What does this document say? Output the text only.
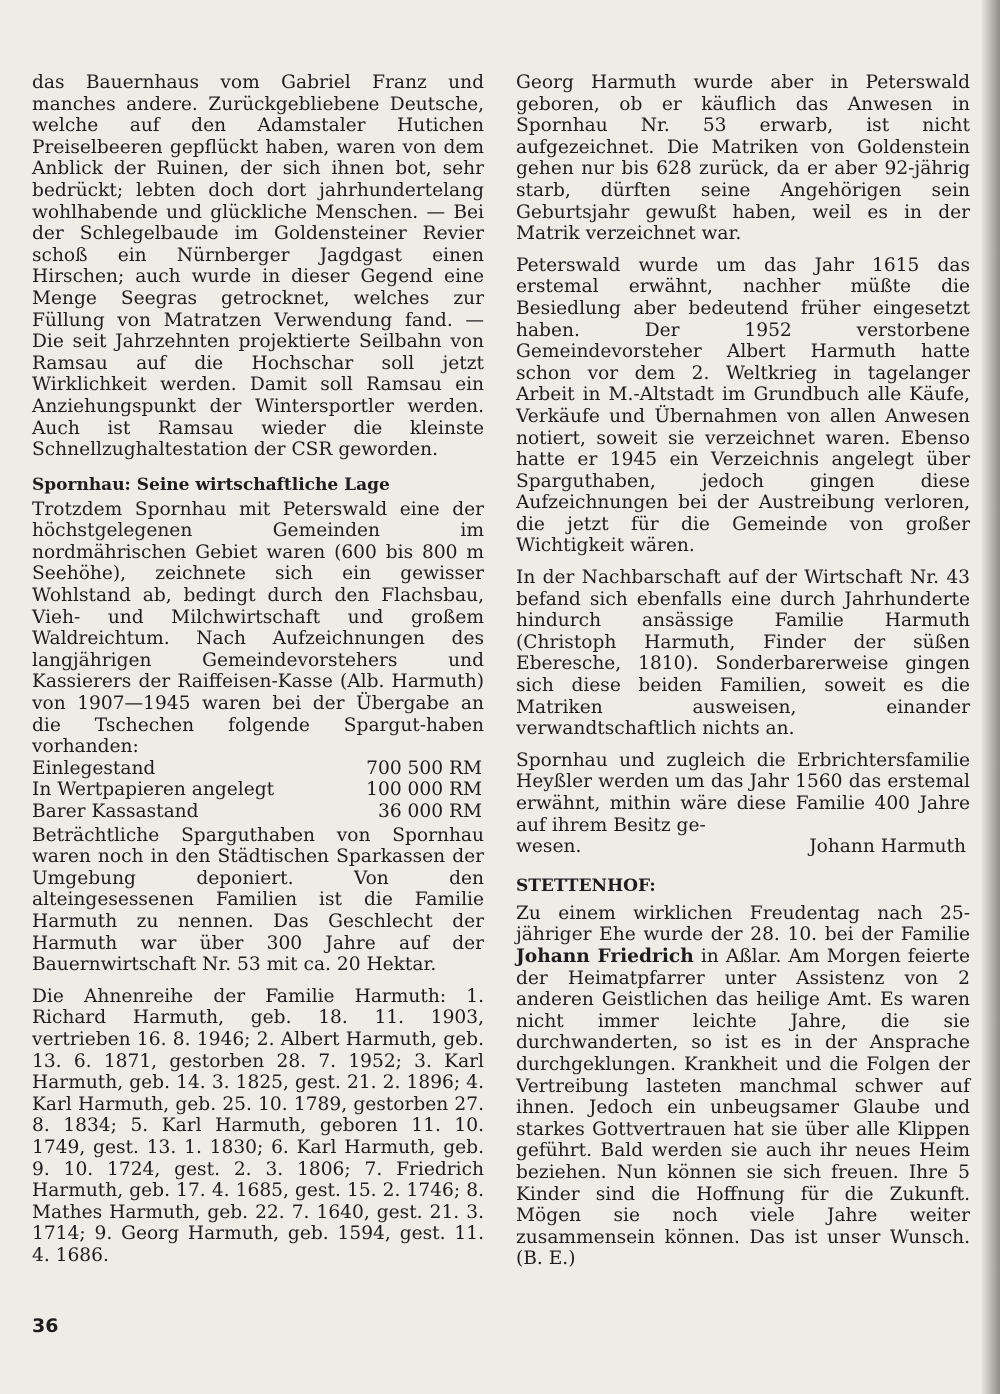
das Bauernhaus vom Gabriel Franz und manches andere. Zurückgebliebene Deutsche, welche auf den Adamstaler Hutichen Preiselbeeren gepflückt haben, waren von dem Anblick der Ruinen, der sich ihnen bot, sehr bedrückt; lebten doch dort jahrhundertelang wohlhabende und glückliche Menschen. — Bei der Schlegelbaude im Goldensteiner Revier schoß ein Nürnberger Jagdgast einen Hirschen; auch wurde in dieser Gegend eine Menge Seegras getrocknet, welches zur Füllung von Matratzen Verwendung fand. — Die seit Jahrzehnten projektierte Seilbahn von Ramsau auf die Hochschar soll jetzt Wirklichkeit werden. Damit soll Ramsau ein Anziehungspunkt der Wintersportler werden. Auch ist Ramsau wieder die kleinste Schnellzughaltestation der CSR geworden.

Spornhau: Seine wirtschaftliche Lage

Trotzdem Spornhau mit Peterswald eine der höchstgelegenen Gemeinden im nordmährischen Gebiet waren (600 bis 800 m Seehöhe), zeichnete sich ein gewisser Wohlstand ab, bedingt durch den Flachsbau, Vieh- und Milchwirtschaft und großem Waldreichtum. Nach Aufzeichnungen des langjährigen Gemeindevorstehers und Kassierers der Raiffeisen-Kasse (Alb. Harmuth) von 1907—1945 waren bei der Übergabe an die Tschechen folgende Spargut-haben vorhanden:

Einlegestand	700 500 RM
In Wertpapieren angelegt	100 000 RM
Barer Kassastand	36 000 RM

Beträchtliche Sparguthaben von Spornhau waren noch in den Städtischen Sparkassen der Umgebung deponiert. Von den alteingesessenen Familien ist die Familie Harmuth zu nennen. Das Geschlecht der Harmuth war über 300 Jahre auf der Bauernwirtschaft Nr. 53 mit ca. 20 Hektar.

Die Ahnenreihe der Familie Harmuth: 1. Richard Harmuth, geb. 18. 11. 1903, vertrieben 16. 8. 1946; 2. Albert Harmuth, geb. 13. 6. 1871, gestorben 28. 7. 1952; 3. Karl Harmuth, geb. 14. 3. 1825, gest. 21. 2. 1896; 4. Karl Harmuth, geb. 25. 10. 1789, gestorben 27. 8. 1834; 5. Karl Harmuth, geboren 11. 10. 1749, gest. 13. 1. 1830; 6. Karl Harmuth, geb. 9. 10. 1724, gest. 2. 3. 1806; 7. Friedrich Harmuth, geb. 17. 4. 1685, gest. 15. 2. 1746; 8. Mathes Harmuth, geb. 22. 7. 1640, gest. 21. 3. 1714; 9. Georg Harmuth, geb. 1594, gest. 11. 4. 1686.

Georg Harmuth wurde aber in Peterswald geboren, ob er käuflich das Anwesen in Spornhau Nr. 53 erwarb, ist nicht aufgezeichnet. Die Matriken von Goldenstein gehen nur bis 628 zurück, da er aber 92-jährig starb, dürften seine Angehörigen sein Geburtsjahr gewußt haben, weil es in der Matrik verzeichnet war.

Peterswald wurde um das Jahr 1615 das erstemal erwähnt, nachher müßte die Besiedlung aber bedeutend früher eingesetzt haben. Der 1952 verstorbene Gemeindevorsteher Albert Harmuth hatte schon vor dem 2. Weltkrieg in tagelanger Arbeit in M.-Altstadt im Grundbuch alle Käufe, Verkäufe und Übernahmen von allen Anwesen notiert, soweit sie verzeichnet waren. Ebenso hatte er 1945 ein Verzeichnis angelegt über Sparguthaben, jedoch gingen diese Aufzeichnungen bei der Austreibung verloren, die jetzt für die Gemeinde von großer Wichtigkeit wären.

In der Nachbarschaft auf der Wirtschaft Nr. 43 befand sich ebenfalls eine durch Jahrhunderte hindurch ansässige Familie Harmuth (Christoph Harmuth, Finder der süßen Eberesche, 1810). Sonderbarerweise gingen sich diese beiden Familien, soweit es die Matriken ausweisen, einander verwandtschaftlich nichts an.

Spornhau und zugleich die Erbrichtersfamilie Heyßler werden um das Jahr 1560 das erstemal erwähnt, mithin wäre diese Familie 400 Jahre auf ihrem Besitz ge-

wesen.	Johann Harmuth
STETTENHOF:

Zu einem wirklichen Freudentag nach 25-jähriger Ehe wurde der 28. 10. bei der Familie Johann Friedrich in Aßlar. Am Morgen feierte der Heimatpfarrer unter Assistenz von 2 anderen Geistlichen das heilige Amt. Es waren nicht immer leichte Jahre, die sie durchwanderten, so ist es in der Ansprache durchgeklungen. Krankheit und die Folgen der Vertreibung lasteten manchmal schwer auf ihnen. Jedoch ein unbeugsamer Glaube und starkes Gottvertrauen hat sie über alle Klippen geführt. Bald werden sie auch ihr neues Heim beziehen. Nun können sie sich freuen. Ihre 5 Kinder sind die Hoffnung für die Zukunft. Mögen sie noch viele Jahre weiter zusammensein können. Das ist unser Wunsch. (B. E.)

36
